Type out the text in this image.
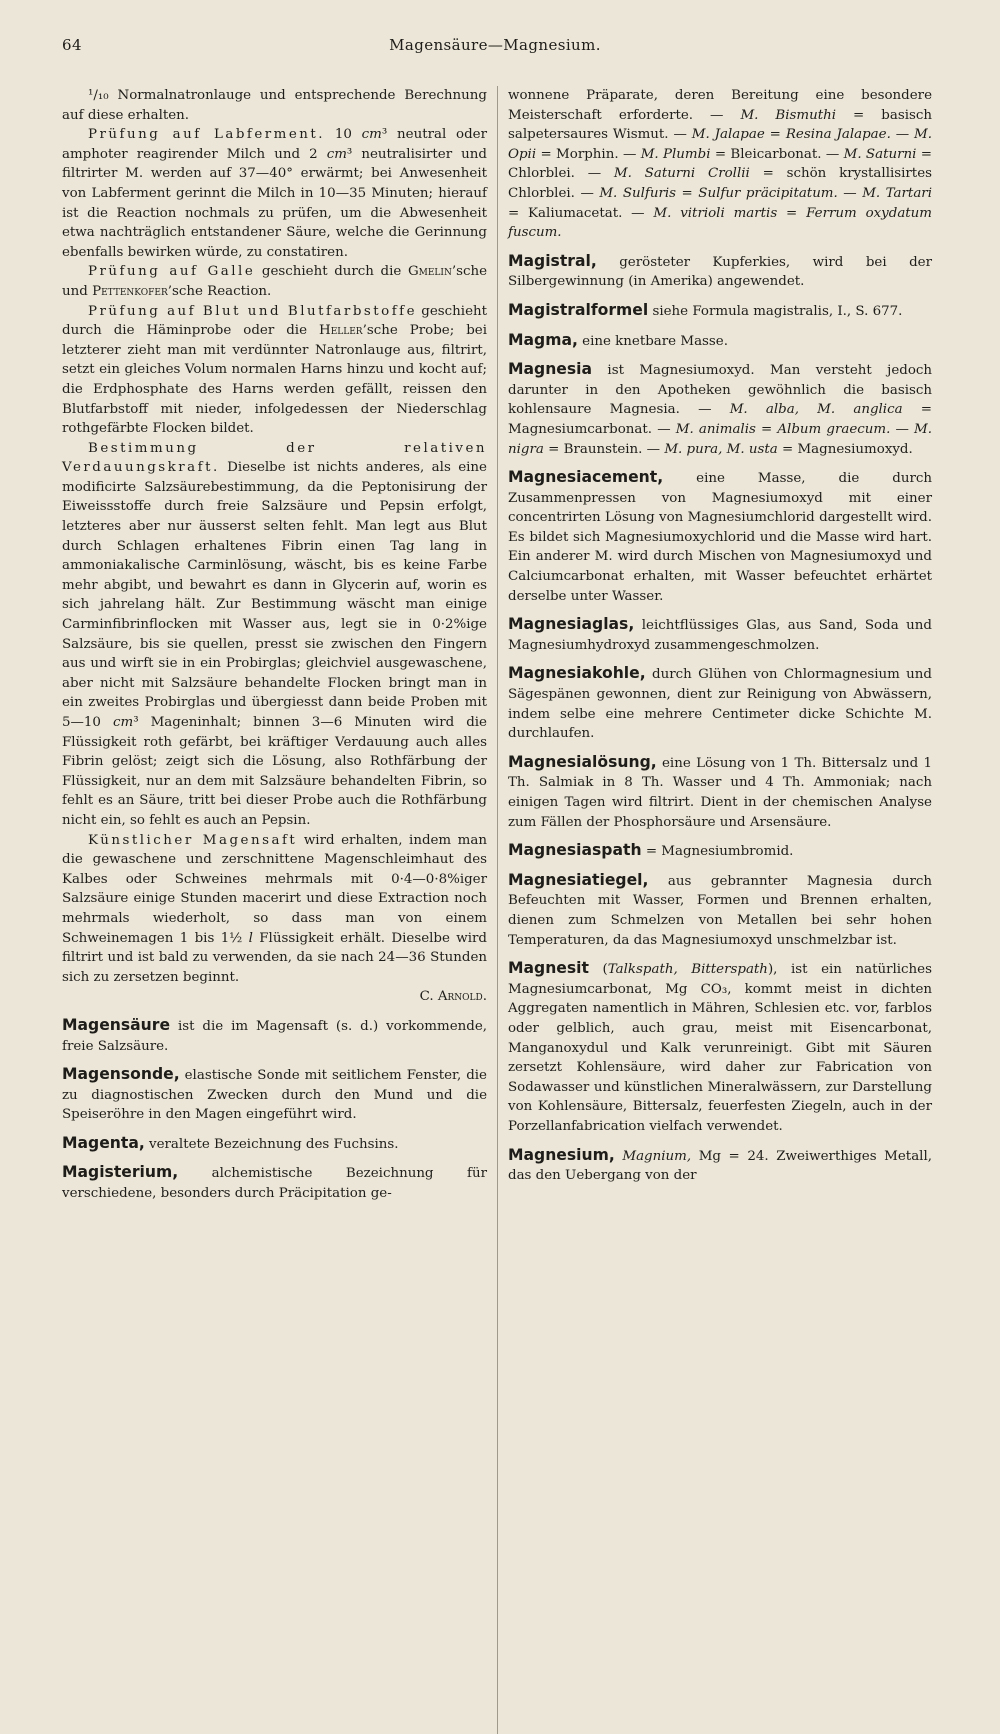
64	Magensäure—Magnesium.

¹/₁₀ Normalnatronlauge und entsprechende Berechnung auf diese erhalten.

Prüfung auf Labferment. 10 cm³ neutral oder amphoter reagirender Milch und 2 cm³ neutralisirter und filtrirter M. werden auf 37—40° erwärmt; bei Anwesenheit von Labferment gerinnt die Milch in 10—35 Minuten; hierauf ist die Reaction nochmals zu prüfen, um die Abwesenheit etwa nachträglich entstandener Säure, welche die Gerinnung ebenfalls bewirken würde, zu constatiren.

Prüfung auf Galle geschieht durch die Gmelin’sche und Pettenkofer’sche Reaction.

Prüfung auf Blut und Blutfarbstoffe geschieht durch die Häminprobe oder die Heller’sche Probe; bei letzterer zieht man mit verdünnter Natronlauge aus, filtrirt, setzt ein gleiches Volum normalen Harns hinzu und kocht auf; die Erdphosphate des Harns werden gefällt, reissen den Blutfarbstoff mit nieder, infolgedessen der Niederschlag rothgefärbte Flocken bildet.

Bestimmung der relativen Verdauungskraft. Dieselbe ist nichts anderes, als eine modificirte Salzsäurebestimmung, da die Peptonisirung der Eiweissstoffe durch freie Salzsäure und Pepsin erfolgt, letzteres aber nur äusserst selten fehlt. Man legt aus Blut durch Schlagen erhaltenes Fibrin einen Tag lang in ammoniakalische Carminlösung, wäscht, bis es keine Farbe mehr abgibt, und bewahrt es dann in Glycerin auf, worin es sich jahrelang hält. Zur Bestimmung wäscht man einige Carminfibrinflocken mit Wasser aus, legt sie in 0·2%ige Salzsäure, bis sie quellen, presst sie zwischen den Fingern aus und wirft sie in ein Probirglas; gleichviel ausgewaschene, aber nicht mit Salzsäure behandelte Flocken bringt man in ein zweites Probirglas und übergiesst dann beide Proben mit 5—10 cm³ Mageninhalt; binnen 3—6 Minuten wird die Flüssigkeit roth gefärbt, bei kräftiger Verdauung auch alles Fibrin gelöst; zeigt sich die Lösung, also Rothfärbung der Flüssigkeit, nur an dem mit Salzsäure behandelten Fibrin, so fehlt es an Säure, tritt bei dieser Probe auch die Rothfärbung nicht ein, so fehlt es auch an Pepsin.

Künstlicher Magensaft wird erhalten, indem man die gewaschene und zerschnittene Magenschleimhaut des Kalbes oder Schweines mehrmals mit 0·4—0·8%iger Salzsäure einige Stunden macerirt und diese Extraction noch mehrmals wiederholt, so dass man von einem Schweinemagen 1 bis 1½ l Flüssigkeit erhält. Dieselbe wird filtrirt und ist bald zu verwenden, da sie nach 24—36 Stunden sich zu zersetzen beginnt.

C. Arnold.

Magensäure ist die im Magensaft (s. d.) vorkommende, freie Salzsäure.

Magensonde, elastische Sonde mit seitlichem Fenster, die zu diagnostischen Zwecken durch den Mund und die Speiseröhre in den Magen eingeführt wird.

Magenta, veraltete Bezeichnung des Fuchsins.

Magisterium, alchemistische Bezeichnung für verschiedene, besonders durch Präcipitation ge-

wonnene Präparate, deren Bereitung eine besondere Meisterschaft erforderte. — M. Bismuthi = basisch salpetersaures Wismut. — M. Jalapae = Resina Jalapae. — M. Opii = Morphin. — M. Plumbi = Bleicarbonat. — M. Saturni = Chlorblei. — M. Saturni Crollii = schön krystallisirtes Chlorblei. — M. Sulfuris = Sulfur präcipitatum. — M. Tartari = Kaliumacetat. — M. vitrioli martis = Ferrum oxydatum fuscum.

Magistral, gerösteter Kupferkies, wird bei der Silbergewinnung (in Amerika) angewendet.

Magistralformel siehe Formula magistralis, I., S. 677.

Magma, eine knetbare Masse.

Magnesia ist Magnesiumoxyd. Man versteht jedoch darunter in den Apotheken gewöhnlich die basisch kohlensaure Magnesia. — M. alba, M. anglica = Magnesiumcarbonat. — M. animalis = Album graecum. — M. nigra = Braunstein. — M. pura, M. usta = Magnesiumoxyd.

Magnesiacement, eine Masse, die durch Zusammenpressen von Magnesiumoxyd mit einer concentrirten Lösung von Magnesiumchlorid dargestellt wird. Es bildet sich Magnesiumoxychlorid und die Masse wird hart. Ein anderer M. wird durch Mischen von Magnesiumoxyd und Calciumcarbonat erhalten, mit Wasser befeuchtet erhärtet derselbe unter Wasser.

Magnesiaglas, leichtflüssiges Glas, aus Sand, Soda und Magnesiumhydroxyd zusammengeschmolzen.

Magnesiakohle, durch Glühen von Chlormagnesium und Sägespänen gewonnen, dient zur Reinigung von Abwässern, indem selbe eine mehrere Centimeter dicke Schichte M. durchlaufen.

Magnesialösung, eine Lösung von 1 Th. Bittersalz und 1 Th. Salmiak in 8 Th. Wasser und 4 Th. Ammoniak; nach einigen Tagen wird filtrirt. Dient in der chemischen Analyse zum Fällen der Phosphorsäure und Arsensäure.

Magnesiaspath = Magnesiumbromid.

Magnesiatiegel, aus gebrannter Magnesia durch Befeuchten mit Wasser, Formen und Brennen erhalten, dienen zum Schmelzen von Metallen bei sehr hohen Temperaturen, da das Magnesiumoxyd unschmelzbar ist.

Magnesit (Talkspath, Bitterspath), ist ein natürliches Magnesiumcarbonat, Mg CO₃, kommt meist in dichten Aggregaten namentlich in Mähren, Schlesien etc. vor, farblos oder gelblich, auch grau, meist mit Eisencarbonat, Manganoxydul und Kalk verunreinigt. Gibt mit Säuren zersetzt Kohlensäure, wird daher zur Fabrication von Sodawasser und künstlichen Mineralwässern, zur Darstellung von Kohlensäure, Bittersalz, feuerfesten Ziegeln, auch in der Porzellanfabrication vielfach verwendet.

Magnesium, Magnium, Mg = 24. Zweiwerthiges Metall, das den Uebergang von der
